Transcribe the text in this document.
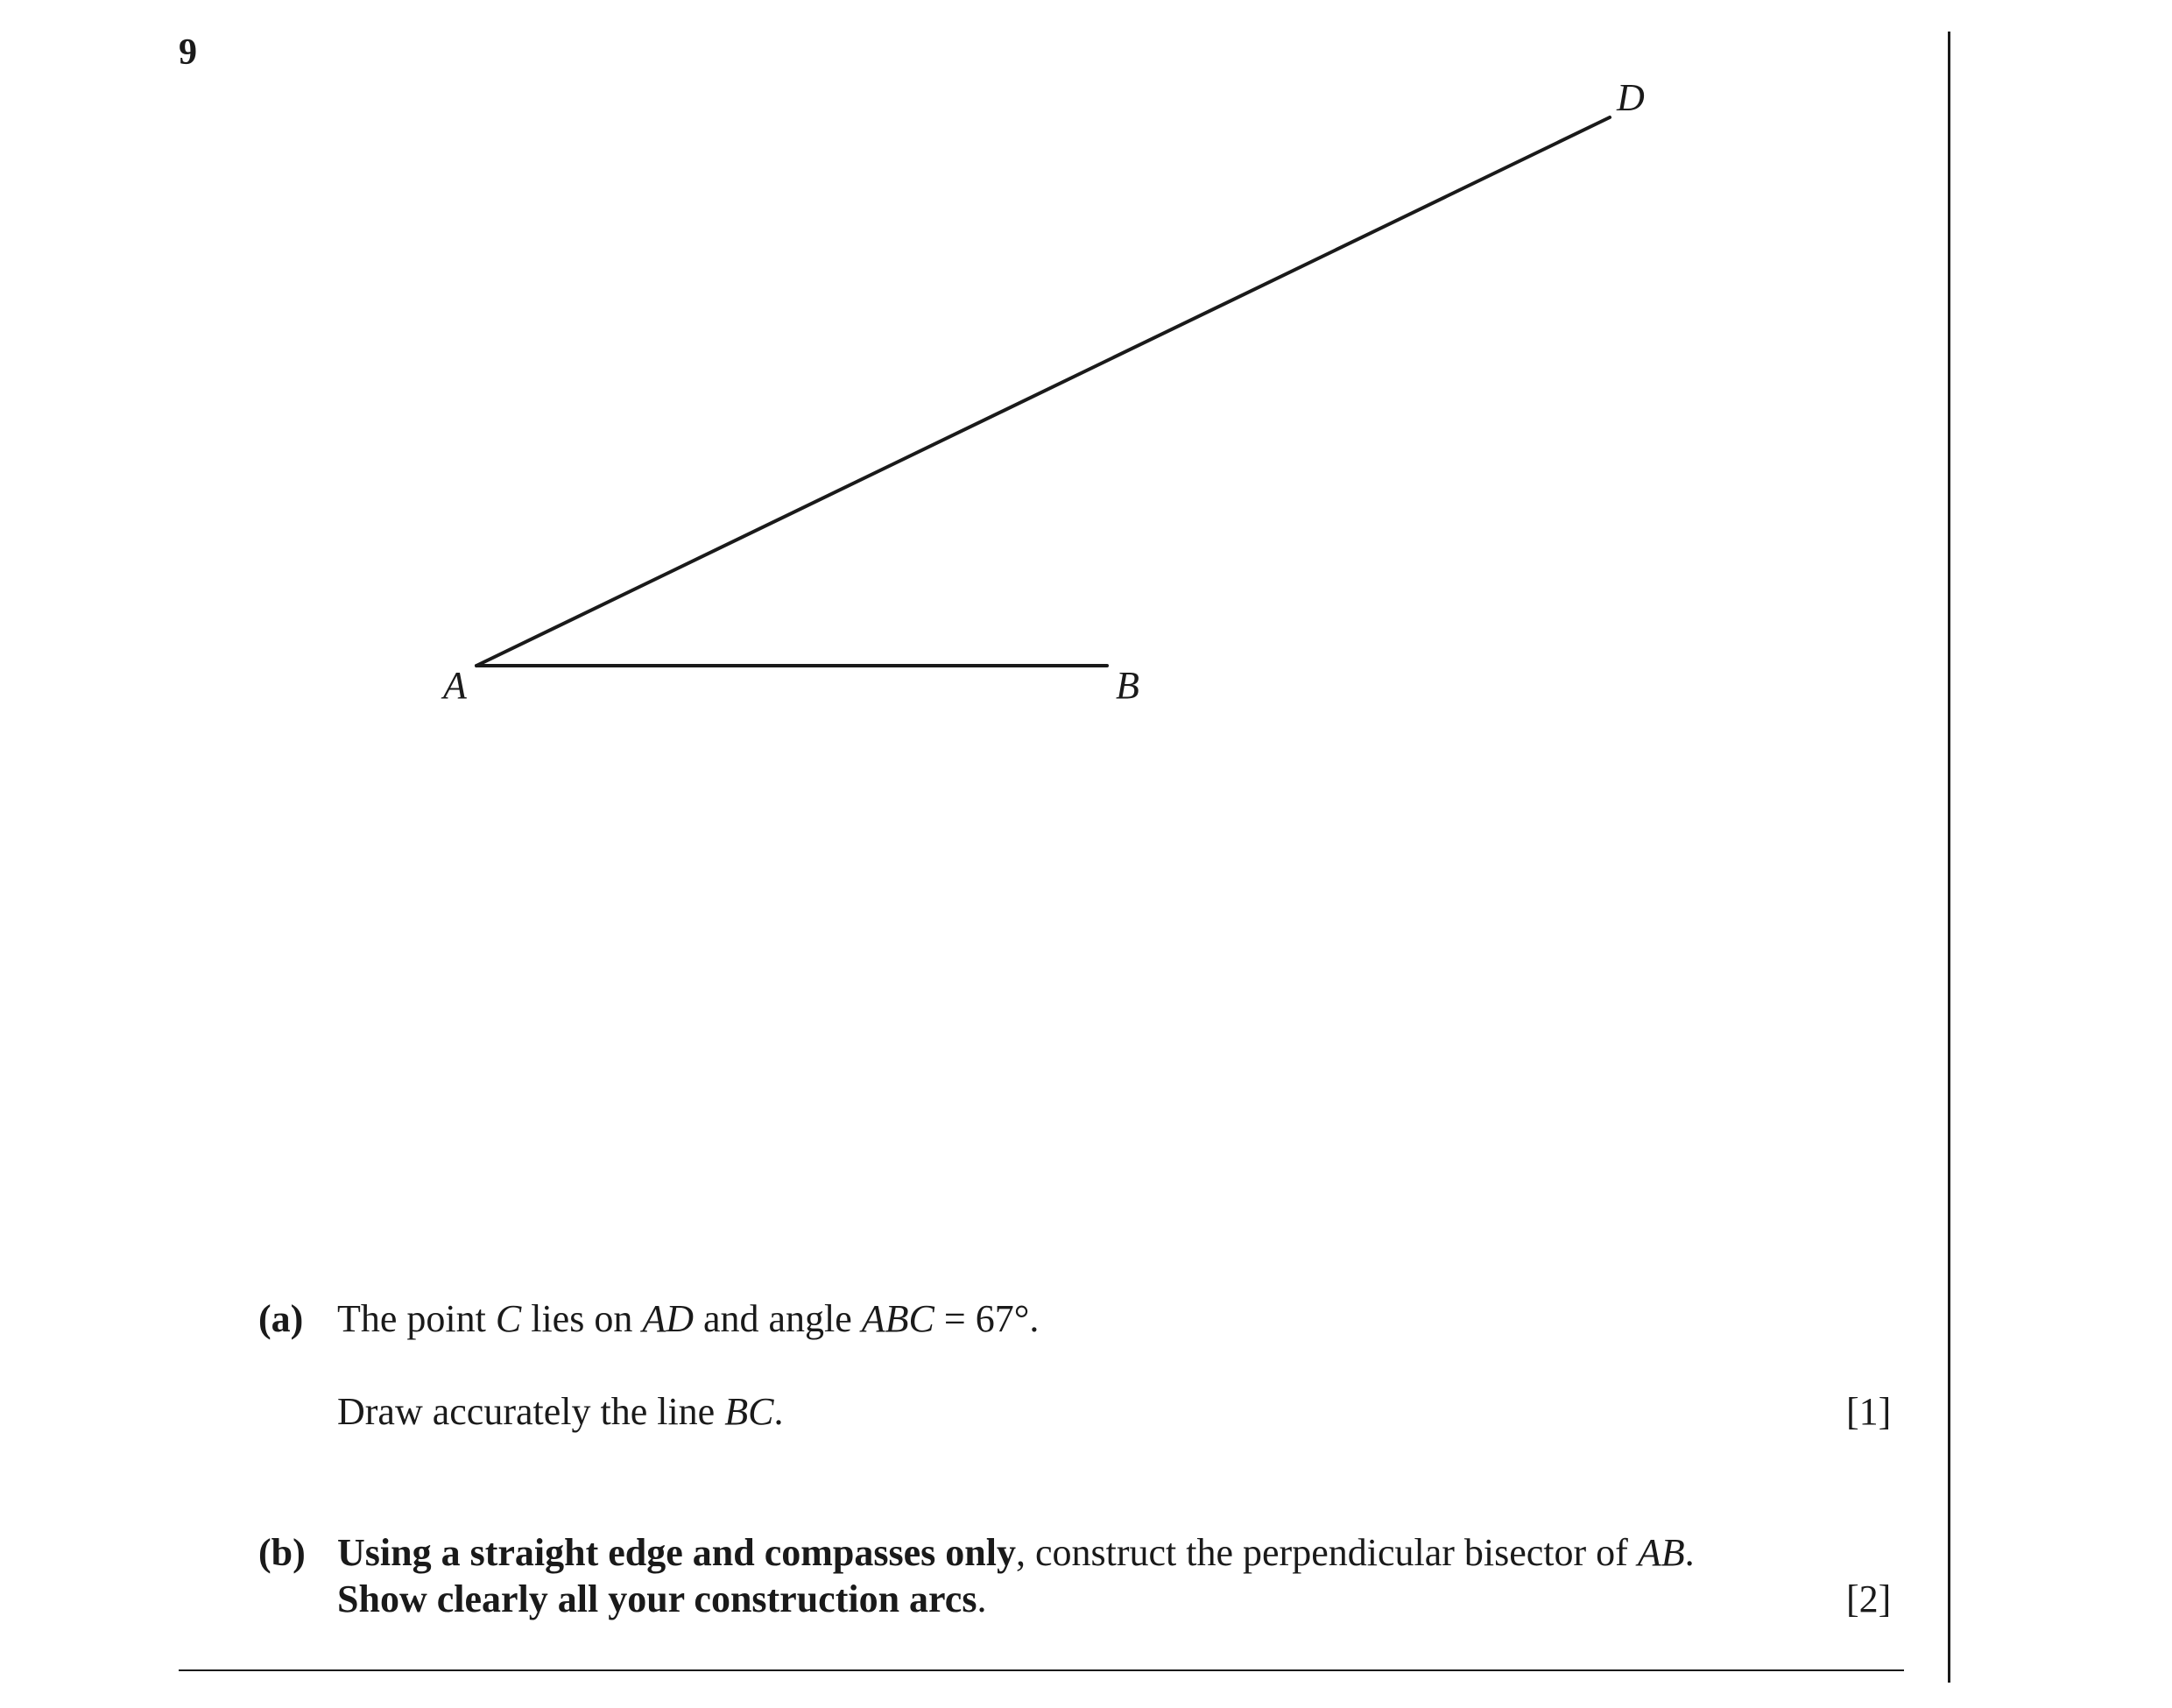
9
A	B
D
(a) The point C lies on AD and angle ABC = 67°.
Draw accurately the line BC.	[1]
(b) Using a straight edge and compasses only, construct the perpendicular bisector of AB.
Show clearly all your construction arcs.	[2]
